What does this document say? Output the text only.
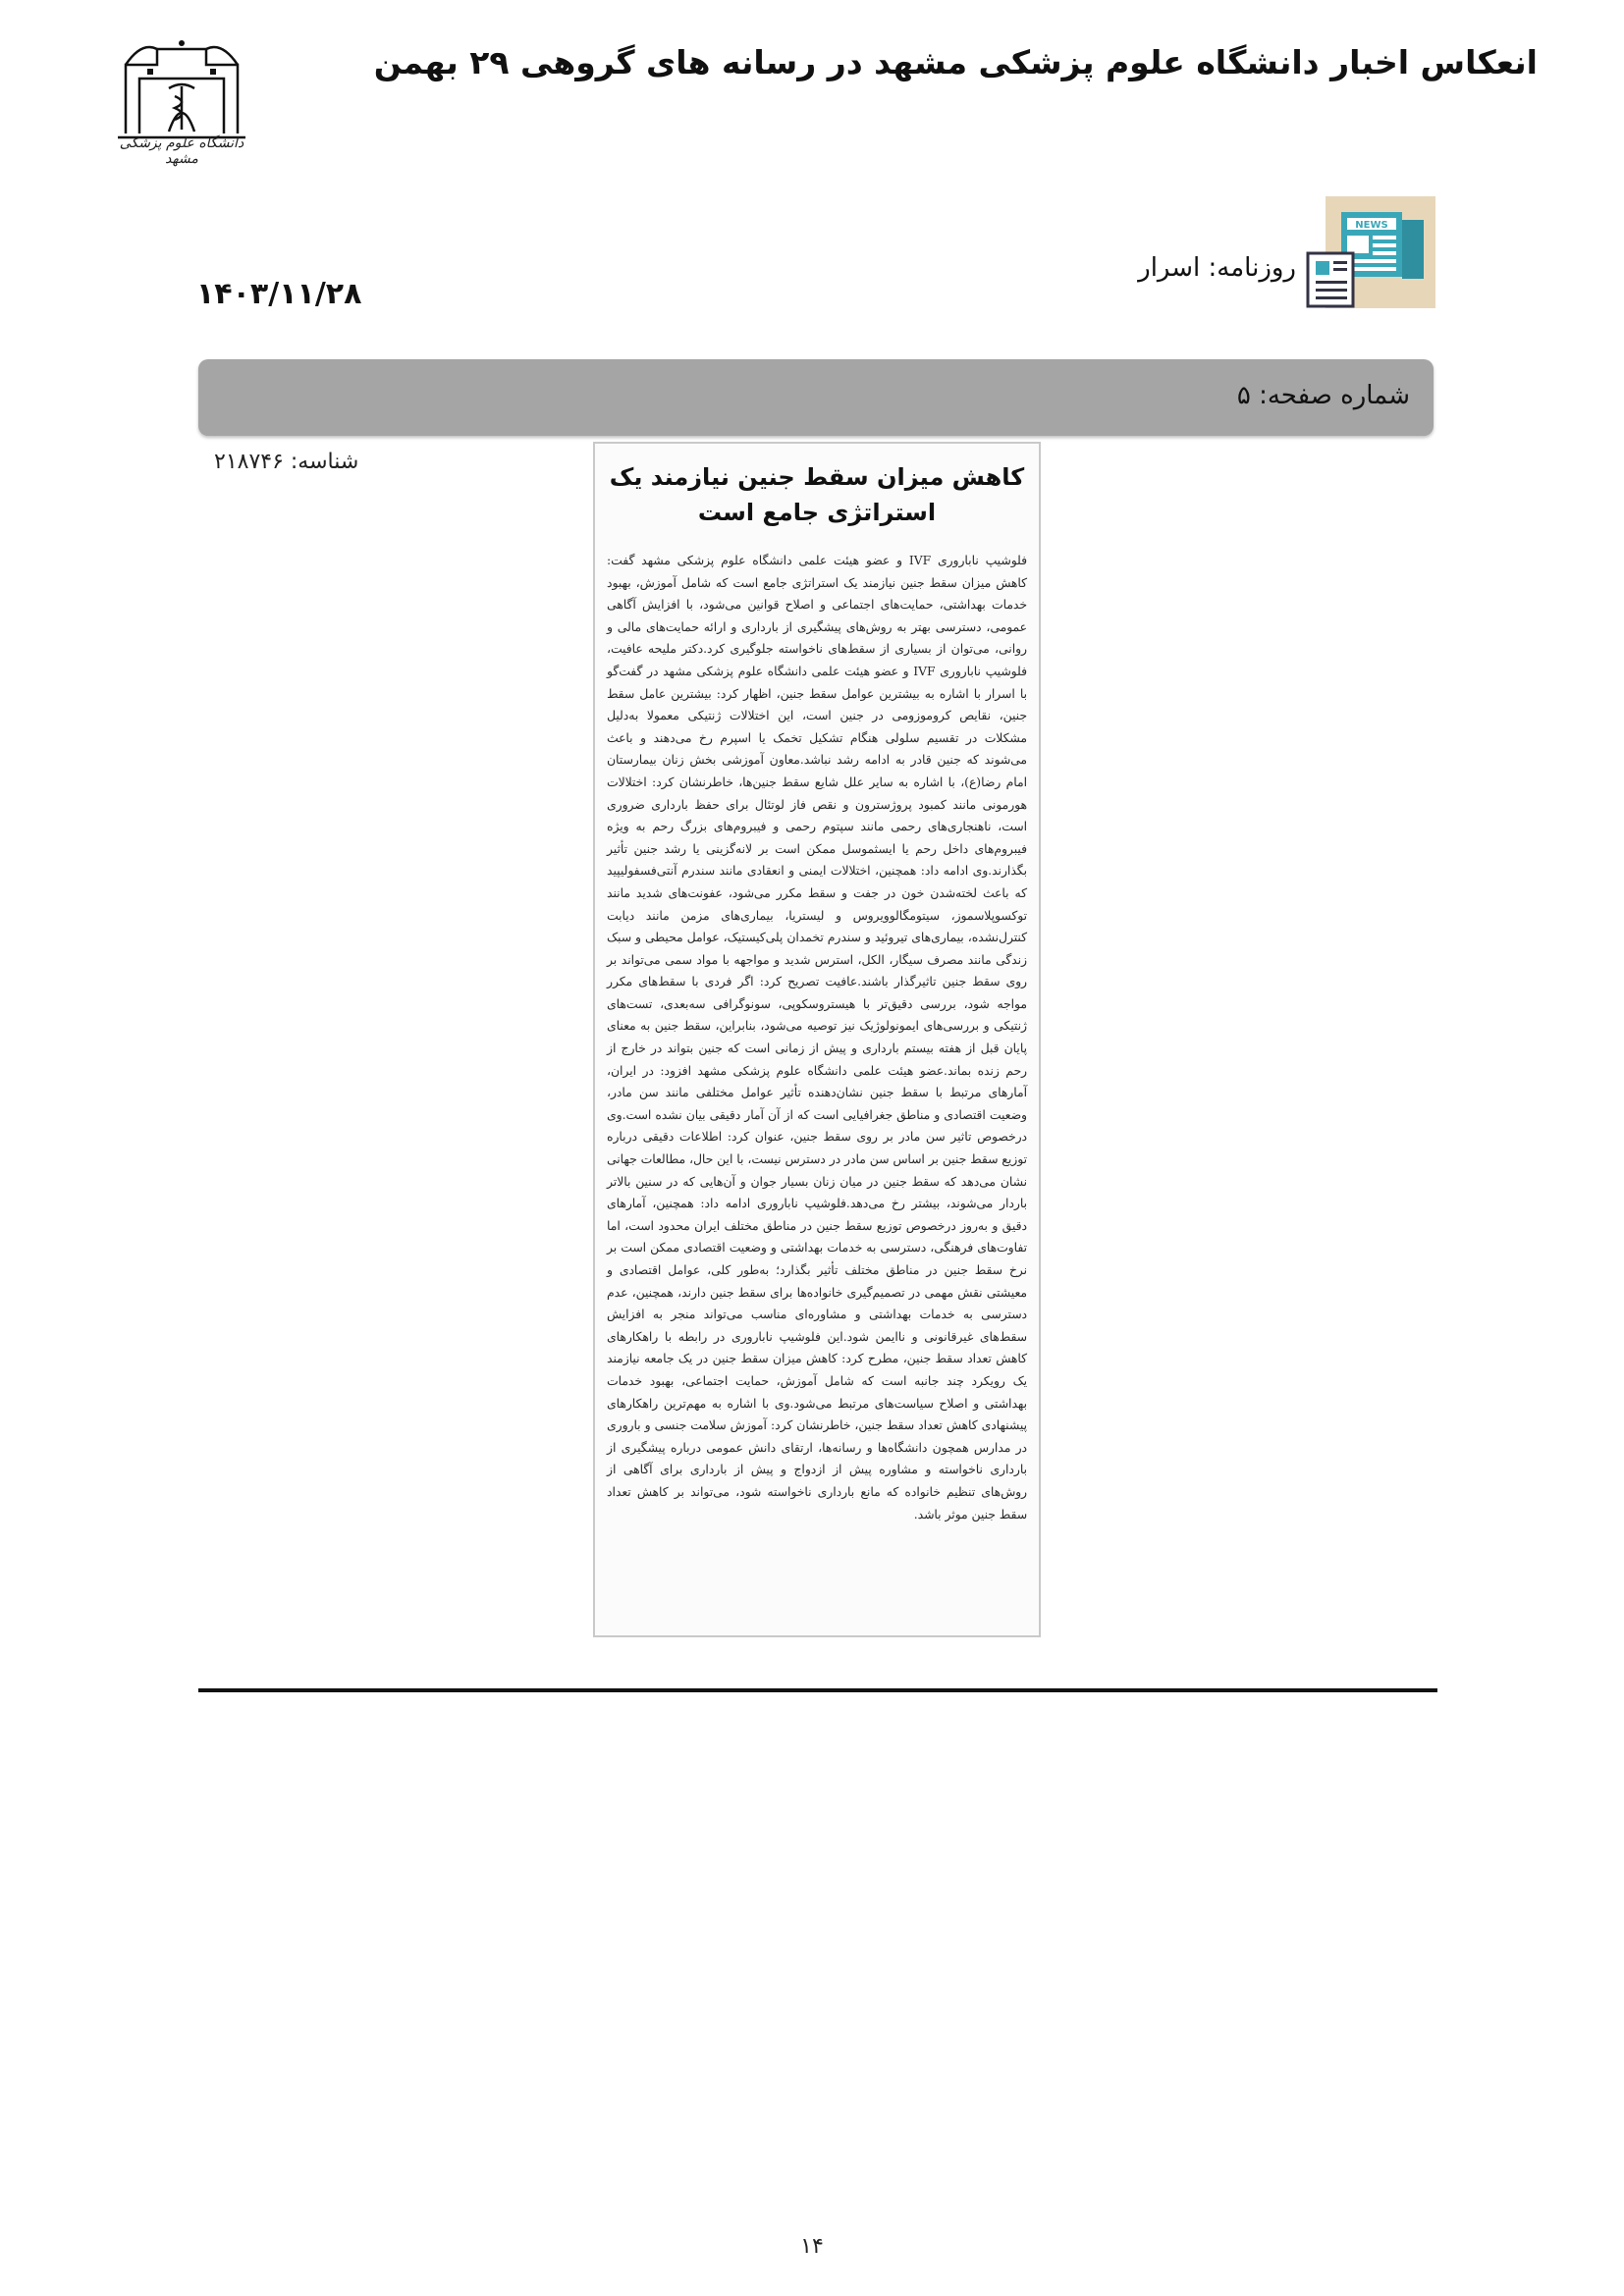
انعکاس اخبار دانشگاه علوم پزشکی مشهد در رسانه های گروهی ۲۹ بهمن
دانشگاه علوم پزشکی مشهد
NEWS
روزنامه: اسرار
۱۴۰۳/۱۱/۲۸
شماره صفحه: ۵
شناسه: ۲۱۸۷۴۶
کاهش میزان سقط جنین نیازمند یک استراتژی جامع است
فلوشیپ نابارورى IVF و عضو هیئت علمی دانشگاه علوم پزشکی مشهد گفت: کاهش میزان سقط جنین نیازمند یک استراتژی جامع است که شامل آموزش، بهبود خدمات بهداشتی، حمایت‌های اجتماعی و اصلاح قوانین می‌شود، با افزایش آگاهی عمومی، دسترسی بهتر به روش‌های پیشگیری از بارداری و ارائه حمایت‌های مالی و روانی، می‌توان از بسیاری از سقط‌های ناخواسته جلوگیری کرد.دکتر ملیحه عافیت، فلوشیپ نابارورى IVF و عضو هیئت علمی دانشگاه علوم پزشکی مشهد در گفت‌گو با اسرار با اشاره به بیشترین عوامل سقط جنین، اظهار کرد: بیشترین عامل سقط جنین، نقایص کروموزومی در جنین است، این اختلالات ژنتیکی معمولا به‌دلیل مشکلات در تقسیم سلولی هنگام تشکیل تخمک یا اسپرم رخ می‌دهند و باعث می‌شوند که جنین قادر به ادامه رشد نباشد.معاون آموزشی بخش زنان بیمارستان امام رضا(ع)، با اشاره به سایر علل شایع سقط جنین‌ها، خاطرنشان کرد: اختلالات هورمونی مانند کمبود پروژسترون و نقص فاز لوتئال برای حفظ بارداری ضروری است، ناهنجاری‌های رحمی مانند سپتوم رحمی و فیبروم‌های بزرگ رحم به ویژه فیبروم‌های داخل رحم یا ایسثموسل ممکن است بر لانه‌گزینی یا رشد جنین تأثیر بگذارند.وی ادامه داد: همچنین، اختلالات ایمنی و انعقادی مانند سندرم آنتی‌فسفولیپید که باعث لخته‌شدن خون در جفت و سقط مکرر می‌شود، عفونت‌های شدید مانند توکسوپلاسموز، سیتومگالوویروس و لیستریا، بیماری‌های مزمن مانند دیابت کنترل‌نشده، بیماری‌های تیروئید و سندرم تخمدان پلی‌کیستیک، عوامل محیطی و سبک زندگی مانند مصرف سیگار، الکل، استرس شدید و مواجهه با مواد سمی می‌تواند بر روی سقط جنین تاثیرگذار باشند.عافیت تصریح کرد: اگر فردی با سقط‌های مکرر مواجه شود، بررسی دقیق‌تر با هیستروسکوپی، سونوگرافی سه‌بعدی، تست‌های ژنتیکی و بررسی‌های ایمونولوژیک نیز توصیه می‌شود، بنابراین، سقط جنین به معنای پایان قبل از هفته بیستم بارداری و پیش از زمانی است که جنین بتواند در خارج از رحم زنده بماند.عضو هیئت علمی دانشگاه علوم پزشکی مشهد افزود: در ایران، آمارهای مرتبط با سقط جنین نشان‌دهنده تأثیر عوامل مختلفی مانند سن مادر، وضعیت اقتصادی و مناطق جغرافیایی است که از آن آمار دقیقی بیان نشده است.وی درخصوص تاثیر سن مادر بر روی سقط جنین، عنوان کرد: اطلاعات دقیقی درباره توزیع سقط جنین بر اساس سن مادر در دسترس نیست، با این حال، مطالعات جهانی نشان می‌دهد که سقط جنین در میان زنان بسیار جوان و آن‌هایی که در سنین بالاتر باردار می‌شوند، بیشتر رخ می‌دهد.فلوشیپ نابارورى ادامه داد: همچنین، آمارهای دقیق و به‌روز درخصوص توزیع سقط جنین در مناطق مختلف ایران محدود است، اما تفاوت‌های فرهنگی، دسترسی به خدمات بهداشتی و وضعیت اقتصادی ممکن است بر نرخ سقط جنین در مناطق مختلف تأثیر بگذارد؛ به‌طور کلی، عوامل اقتصادی و معیشتی نقش مهمی در تصمیم‌گیری خانواده‌ها برای سقط جنین دارند، همچنین، عدم دسترسی به خدمات بهداشتی و مشاوره‌ای مناسب می‌تواند منجر به افزایش سقط‌های غیرقانونی و ناایمن شود.این فلوشیپ نابارورى در رابطه با راهکارهای کاهش تعداد سقط جنین، مطرح کرد: کاهش میزان سقط جنین در یک جامعه نیازمند یک رویکرد چند جانبه است که شامل آموزش، حمایت اجتماعی، بهبود خدمات بهداشتی و اصلاح سیاست‌های مرتبط می‌شود.وی با اشاره به مهم‌ترین راهکارهای پیشنهادی کاهش تعداد سقط جنین، خاطرنشان کرد: آموزش سلامت جنسی و باروری در مدارس همچون دانشگاه‌ها و رسانه‌ها، ارتقای دانش عمومی درباره پیشگیری از بارداری ناخواسته و مشاوره پیش از ازدواج و پیش از بارداری برای آگاهی از روش‌های تنظیم خانواده که مانع بارداری ناخواسته شود، می‌تواند بر کاهش تعداد سقط جنین موثر باشد.
۱۴
